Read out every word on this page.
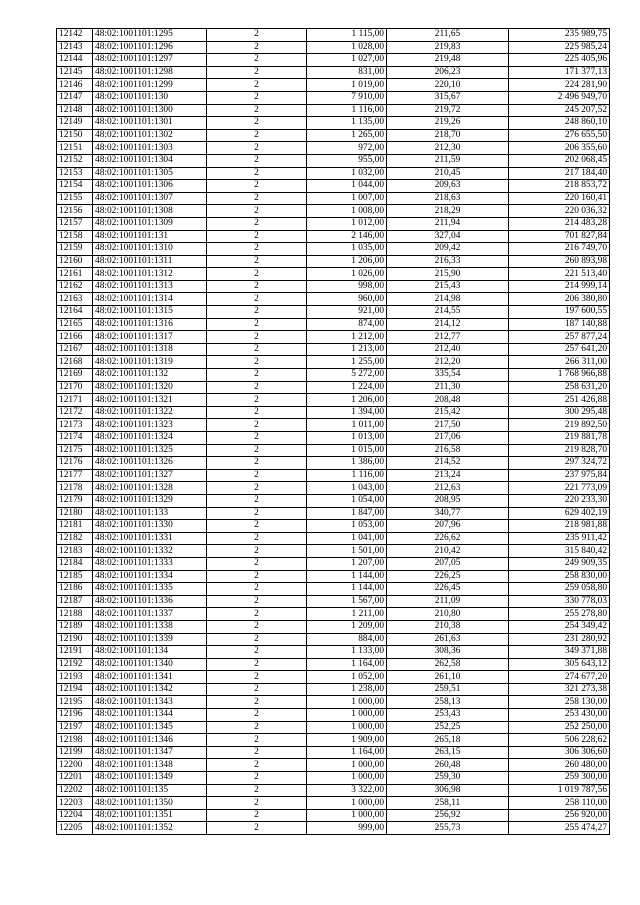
12142	48:02:1001101:1295	2	1 115,00	211,65	235 989,75
12143	48:02:1001101:1296	2	1 028,00	219,83	225 985,24
12144	48:02:1001101:1297	2	1 027,00	219,48	225 405,96
12145	48:02:1001101:1298	2	831,00	206,23	171 377,13
12146	48:02:1001101:1299	2	1 019,00	220,10	224 281,90
12147	48:02:1001101:130	2	7 910,00	315,67	2 496 949,70
12148	48:02:1001101:1300	2	1 116,00	219,72	245 207,52
12149	48:02:1001101:1301	2	1 135,00	219,26	248 860,10
12150	48:02:1001101:1302	2	1 265,00	218,70	276 655,50
12151	48:02:1001101:1303	2	972,00	212,30	206 355,60
12152	48:02:1001101:1304	2	955,00	211,59	202 068,45
12153	48:02:1001101:1305	2	1 032,00	210,45	217 184,40
12154	48:02:1001101:1306	2	1 044,00	209,63	218 853,72
12155	48:02:1001101:1307	2	1 007,00	218,63	220 160,41
12156	48:02:1001101:1308	2	1 008,00	218,29	220 036,32
12157	48:02:1001101:1309	2	1 012,00	211,94	214 483,28
12158	48:02:1001101:131	2	2 146,00	327,04	701 827,84
12159	48:02:1001101:1310	2	1 035,00	209,42	216 749,70
12160	48:02:1001101:1311	2	1 206,00	216,33	260 893,98
12161	48:02:1001101:1312	2	1 026,00	215,90	221 513,40
12162	48:02:1001101:1313	2	998,00	215,43	214 999,14
12163	48:02:1001101:1314	2	960,00	214,98	206 380,80
12164	48:02:1001101:1315	2	921,00	214,55	197 600,55
12165	48:02:1001101:1316	2	874,00	214,12	187 140,88
12166	48:02:1001101:1317	2	1 212,00	212,77	257 877,24
12167	48:02:1001101:1318	2	1 213,00	212,40	257 641,20
12168	48:02:1001101:1319	2	1 255,00	212,20	266 311,00
12169	48:02:1001101:132	2	5 272,00	335,54	1 768 966,88
12170	48:02:1001101:1320	2	1 224,00	211,30	258 631,20
12171	48:02:1001101:1321	2	1 206,00	208,48	251 426,88
12172	48:02:1001101:1322	2	1 394,00	215,42	300 295,48
12173	48:02:1001101:1323	2	1 011,00	217,50	219 892,50
12174	48:02:1001101:1324	2	1 013,00	217,06	219 881,78
12175	48:02:1001101:1325	2	1 015,00	216,58	219 828,70
12176	48:02:1001101:1326	2	1 386,00	214,52	297 324,72
12177	48:02:1001101:1327	2	1 116,00	213,24	237 975,84
12178	48:02:1001101:1328	2	1 043,00	212,63	221 773,09
12179	48:02:1001101:1329	2	1 054,00	208,95	220 233,30
12180	48:02:1001101:133	2	1 847,00	340,77	629 402,19
12181	48:02:1001101:1330	2	1 053,00	207,96	218 981,88
12182	48:02:1001101:1331	2	1 041,00	226,62	235 911,42
12183	48:02:1001101:1332	2	1 501,00	210,42	315 840,42
12184	48:02:1001101:1333	2	1 207,00	207,05	249 909,35
12185	48:02:1001101:1334	2	1 144,00	226,25	258 830,00
12186	48:02:1001101:1335	2	1 144,00	226,45	259 058,80
12187	48:02:1001101:1336	2	1 567,00	211,09	330 778,03
12188	48:02:1001101:1337	2	1 211,00	210,80	255 278,80
12189	48:02:1001101:1338	2	1 209,00	210,38	254 349,42
12190	48:02:1001101:1339	2	884,00	261,63	231 280,92
12191	48:02:1001101:134	2	1 133,00	308,36	349 371,88
12192	48:02:1001101:1340	2	1 164,00	262,58	305 643,12
12193	48:02:1001101:1341	2	1 052,00	261,10	274 677,20
12194	48:02:1001101:1342	2	1 238,00	259,51	321 273,38
12195	48:02:1001101:1343	2	1 000,00	258,13	258 130,00
12196	48:02:1001101:1344	2	1 000,00	253,43	253 430,00
12197	48:02:1001101:1345	2	1 000,00	252,25	252 250,00
12198	48:02:1001101:1346	2	1 909,00	265,18	506 228,62
12199	48:02:1001101:1347	2	1 164,00	263,15	306 306,60
12200	48:02:1001101:1348	2	1 000,00	260,48	260 480,00
12201	48:02:1001101:1349	2	1 000,00	259,30	259 300,00
12202	48:02:1001101:135	2	3 322,00	306,98	1 019 787,56
12203	48:02:1001101:1350	2	1 000,00	258,11	258 110,00
12204	48:02:1001101:1351	2	1 000,00	256,92	256 920,00
12205	48:02:1001101:1352	2	999,00	255,73	255 474,27
